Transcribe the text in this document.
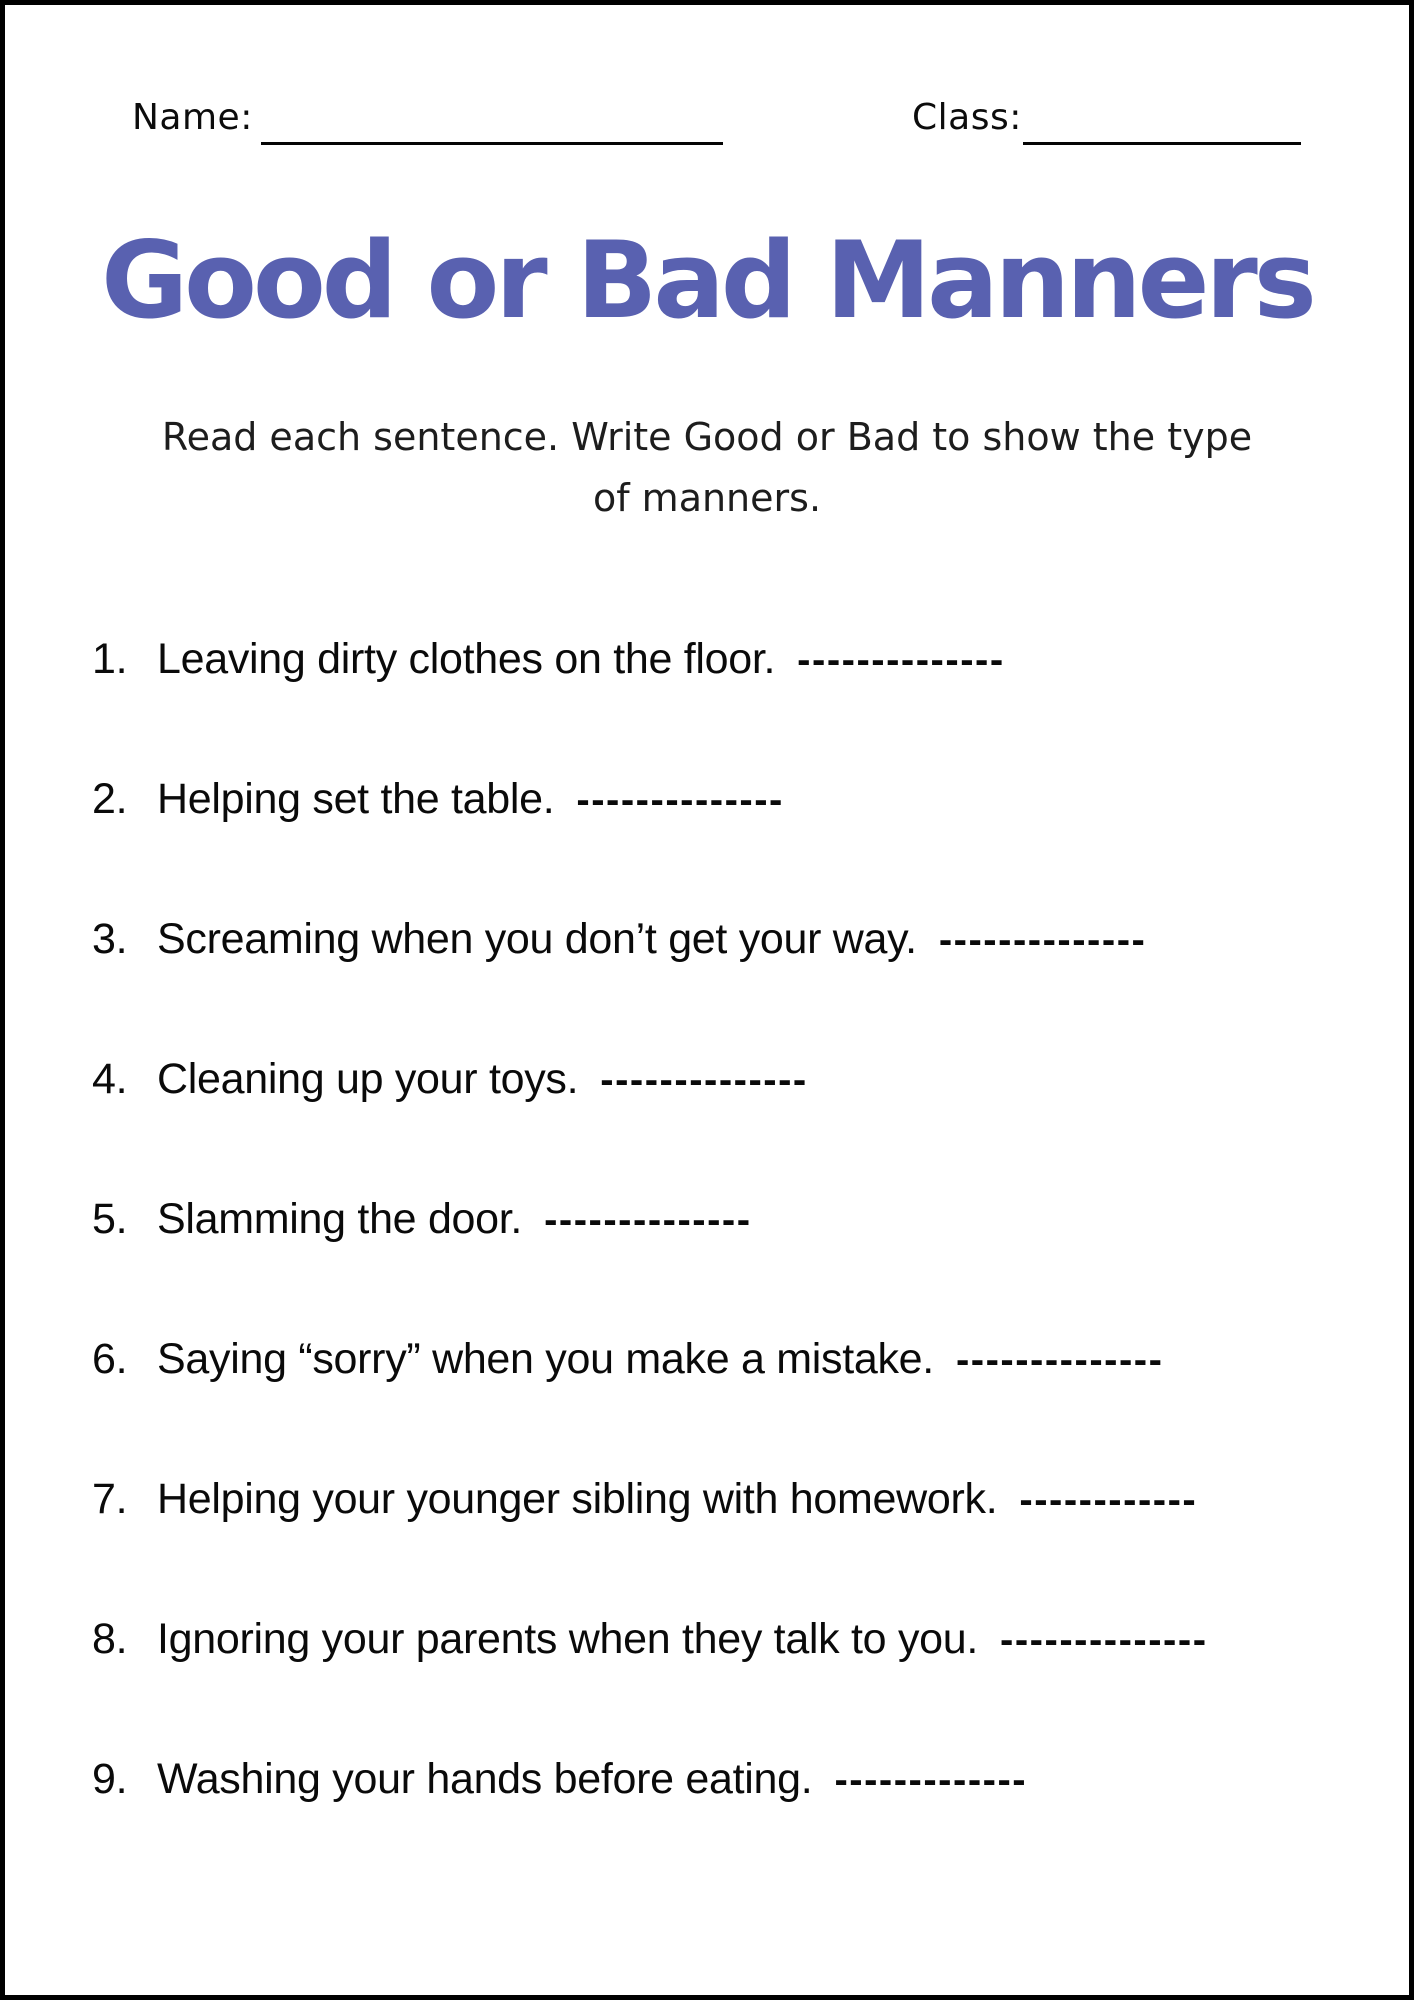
Name:	Class:
Good or Bad Manners
Read each sentence. Write Good or Bad to show the type
of manners.
1. Leaving dirty clothes on the floor. --------------
2. Helping set the table. --------------
3. Screaming when you don’t get your way. --------------
4. Cleaning up your toys. --------------
5. Slamming the door. --------------
6. Saying “sorry” when you make a mistake. --------------
7. Helping your younger sibling with homework. ------------
8. Ignoring your parents when they talk to you. --------------
9. Washing your hands before eating. -------------
